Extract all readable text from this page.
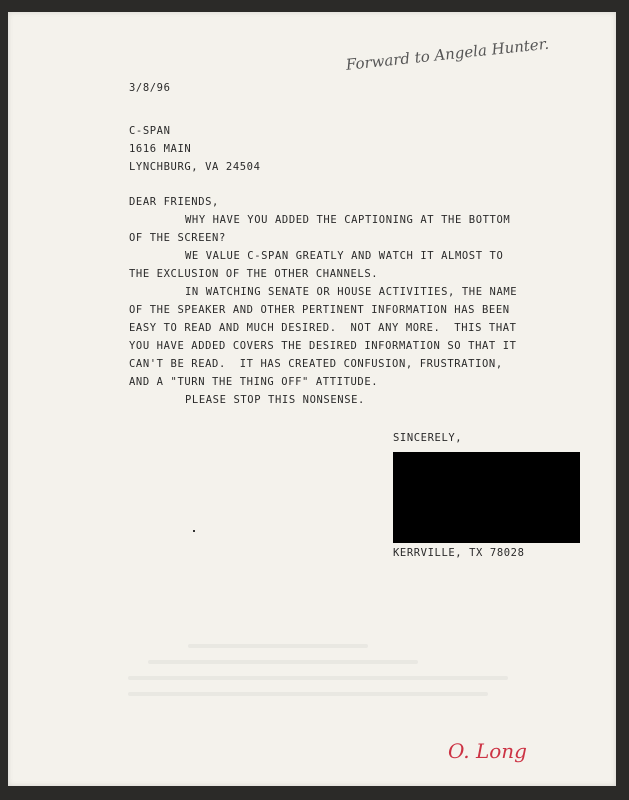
Forward to Angela Hunter.
3/8/96
C-SPAN
1616 MAIN
LYNCHBURG, VA 24504
DEAR FRIENDS,
WHY HAVE YOU ADDED THE CAPTIONING AT THE BOTTOM
OF THE SCREEN?
WE VALUE C-SPAN GREATLY AND WATCH IT ALMOST TO
THE EXCLUSION OF THE OTHER CHANNELS.
IN WATCHING SENATE OR HOUSE ACTIVITIES, THE NAME
OF THE SPEAKER AND OTHER PERTINENT INFORMATION HAS BEEN
EASY TO READ AND MUCH DESIRED.  NOT ANY MORE.  THIS THAT
YOU HAVE ADDED COVERS THE DESIRED INFORMATION SO THAT IT
CAN'T BE READ.  IT HAS CREATED CONFUSION, FRUSTRATION,
AND A "TURN THE THING OFF" ATTITUDE.
PLEASE STOP THIS NONSENSE.
SINCERELY,
KERRVILLE, TX 78028
O. Long
